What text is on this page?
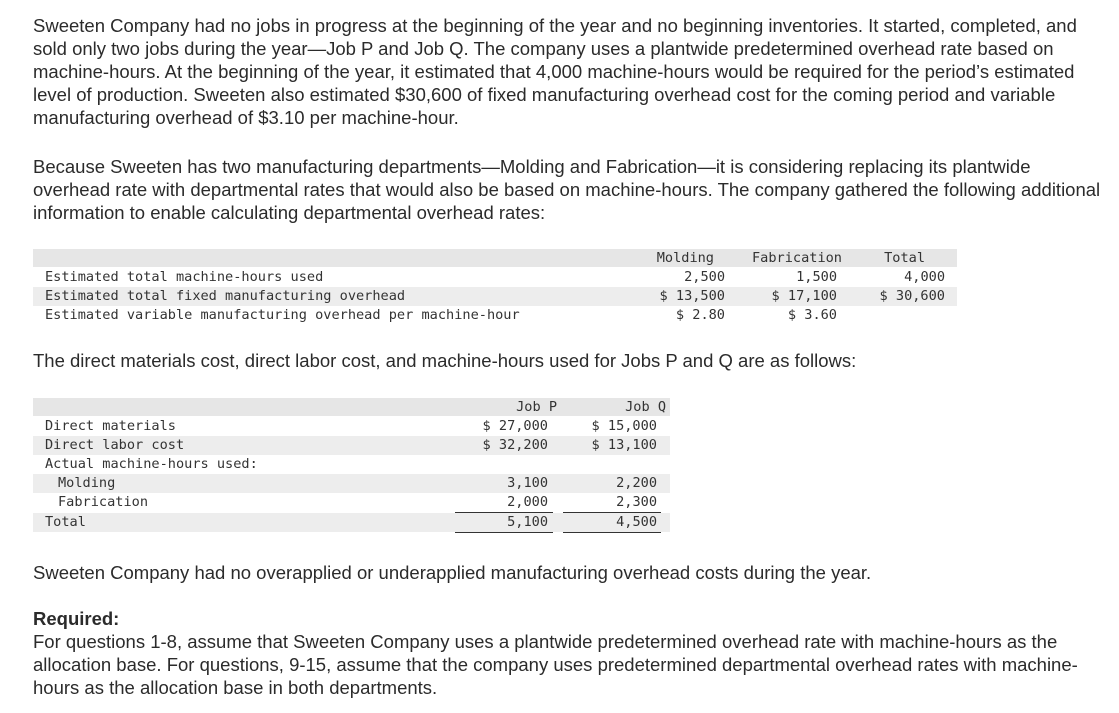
Sweeten Company had no jobs in progress at the beginning of the year and no beginning inventories. It started, completed, and sold only two jobs during the year—Job P and Job Q. The company uses a plantwide predetermined overhead rate based on machine-hours. At the beginning of the year, it estimated that 4,000 machine-hours would be required for the period’s estimated level of production. Sweeten also estimated $30,600 of fixed manufacturing overhead cost for the coming period and variable manufacturing overhead of $3.10 per machine-hour.

Because Sweeten has two manufacturing departments—Molding and Fabrication—it is considering replacing its plantwide overhead rate with departmental rates that would also be based on machine-hours. The company gathered the following additional information to enable calculating departmental overhead rates:

Molding	Fabrication	Total
Estimated total machine-hours used	2,500	1,500	4,000
Estimated total fixed manufacturing overhead	$ 13,500	$ 17,100	$ 30,600
Estimated variable manufacturing overhead per machine-hour	$ 2.80	$ 3.60

The direct materials cost, direct labor cost, and machine-hours used for Jobs P and Q are as follows:

Job P	Job Q
Direct materials	$ 27,000	$ 15,000
Direct labor cost	$ 32,200	$ 13,100
Actual machine-hours used:
Molding	3,100	2,200
Fabrication	2,000	2,300
Total	5,100	4,500

Sweeten Company had no overapplied or underapplied manufacturing overhead costs during the year.

Required:
For questions 1-8, assume that Sweeten Company uses a plantwide predetermined overhead rate with machine-hours as the allocation base. For questions, 9-15, assume that the company uses predetermined departmental overhead rates with machine-hours as the allocation base in both departments.
